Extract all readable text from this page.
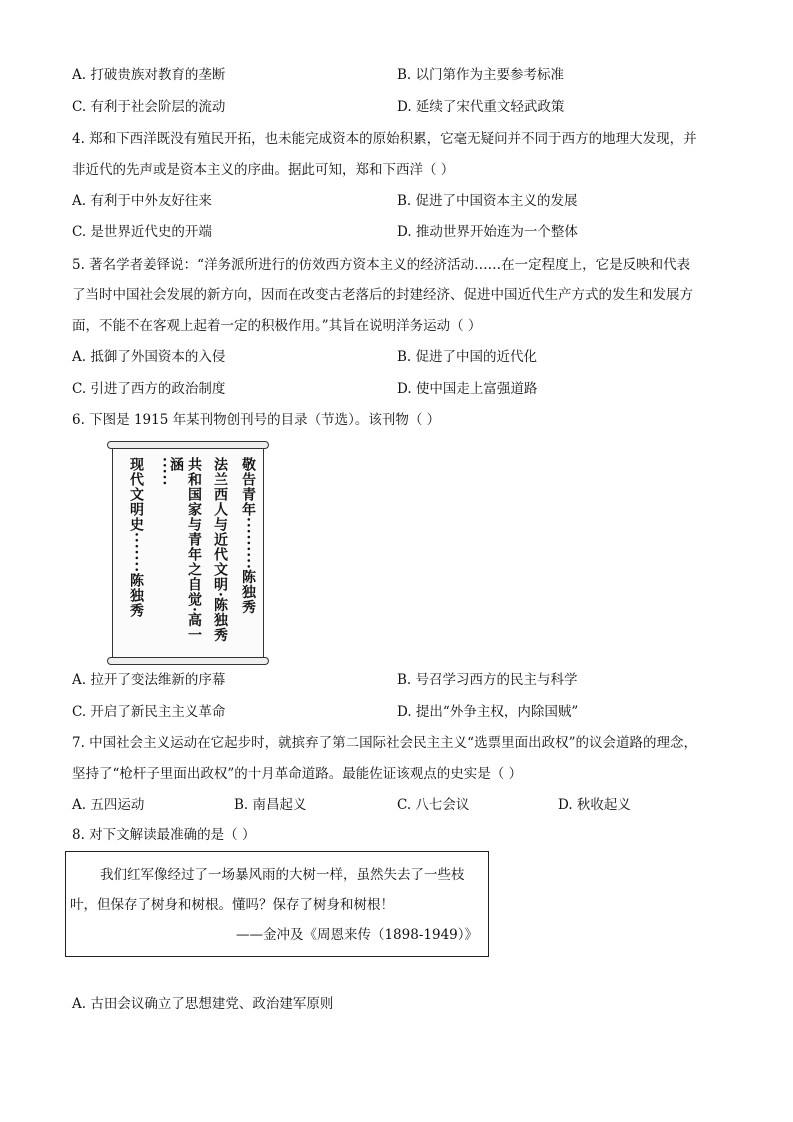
A. 打破贵族对教育的垄断	B. 以门第作为主要参考标准
C. 有利于社会阶层的流动	D. 延续了宋代重文轻武政策
4. 郑和下西洋既没有殖民开拓，也未能完成资本的原始积累，它毫无疑问并不同于西方的地理大发现，并
非近代的先声或是资本主义的序曲。据此可知，郑和下西洋（ ）
A. 有利于中外友好往来	B. 促进了中国资本主义的发展
C. 是世界近代史的开端	D. 推动世界开始连为一个整体
5. 著名学者姜铎说：“洋务派所进行的仿效西方资本主义的经济活动……在一定程度上，它是反映和代表
了当时中国社会发展的新方向，因而在改变古老落后的封建经济、促进中国近代生产方式的发生和发展方
面，不能不在客观上起着一定的积极作用。”其旨在说明洋务运动（ ）
A. 抵御了外国资本的入侵	B. 促进了中国的近代化
C. 引进了西方的政治制度	D. 使中国走上富强道路
6. 下图是 1915 年某刊物创刊号的目录（节选）。该刊物（ ）
敬告青年·········陈独秀
法兰西人与近代文明·陈独秀
共和国家与青年之自觉·高一涵
·····
现代文明史·······陈独秀
A. 拉开了变法维新的序幕	B. 号召学习西方的民主与科学
C. 开启了新民主主义革命	D. 提出“外争主权，内除国贼”
7. 中国社会主义运动在它起步时，就摈弃了第二国际社会民主主义“选票里面出政权”的议会道路的理念，
坚持了“枪杆子里面出政权”的十月革命道路。最能佐证该观点的史实是（ ）
A. 五四运动	B. 南昌起义	C. 八七会议	D. 秋收起义
8. 对下文解读最准确的是（ ）
我们红军像经过了一场暴风雨的大树一样，虽然失去了一些枝
叶，但保存了树身和树根。懂吗？保存了树身和树根！
——金冲及《周恩来传（1898-1949）》
A. 古田会议确立了思想建党、政治建军原则
